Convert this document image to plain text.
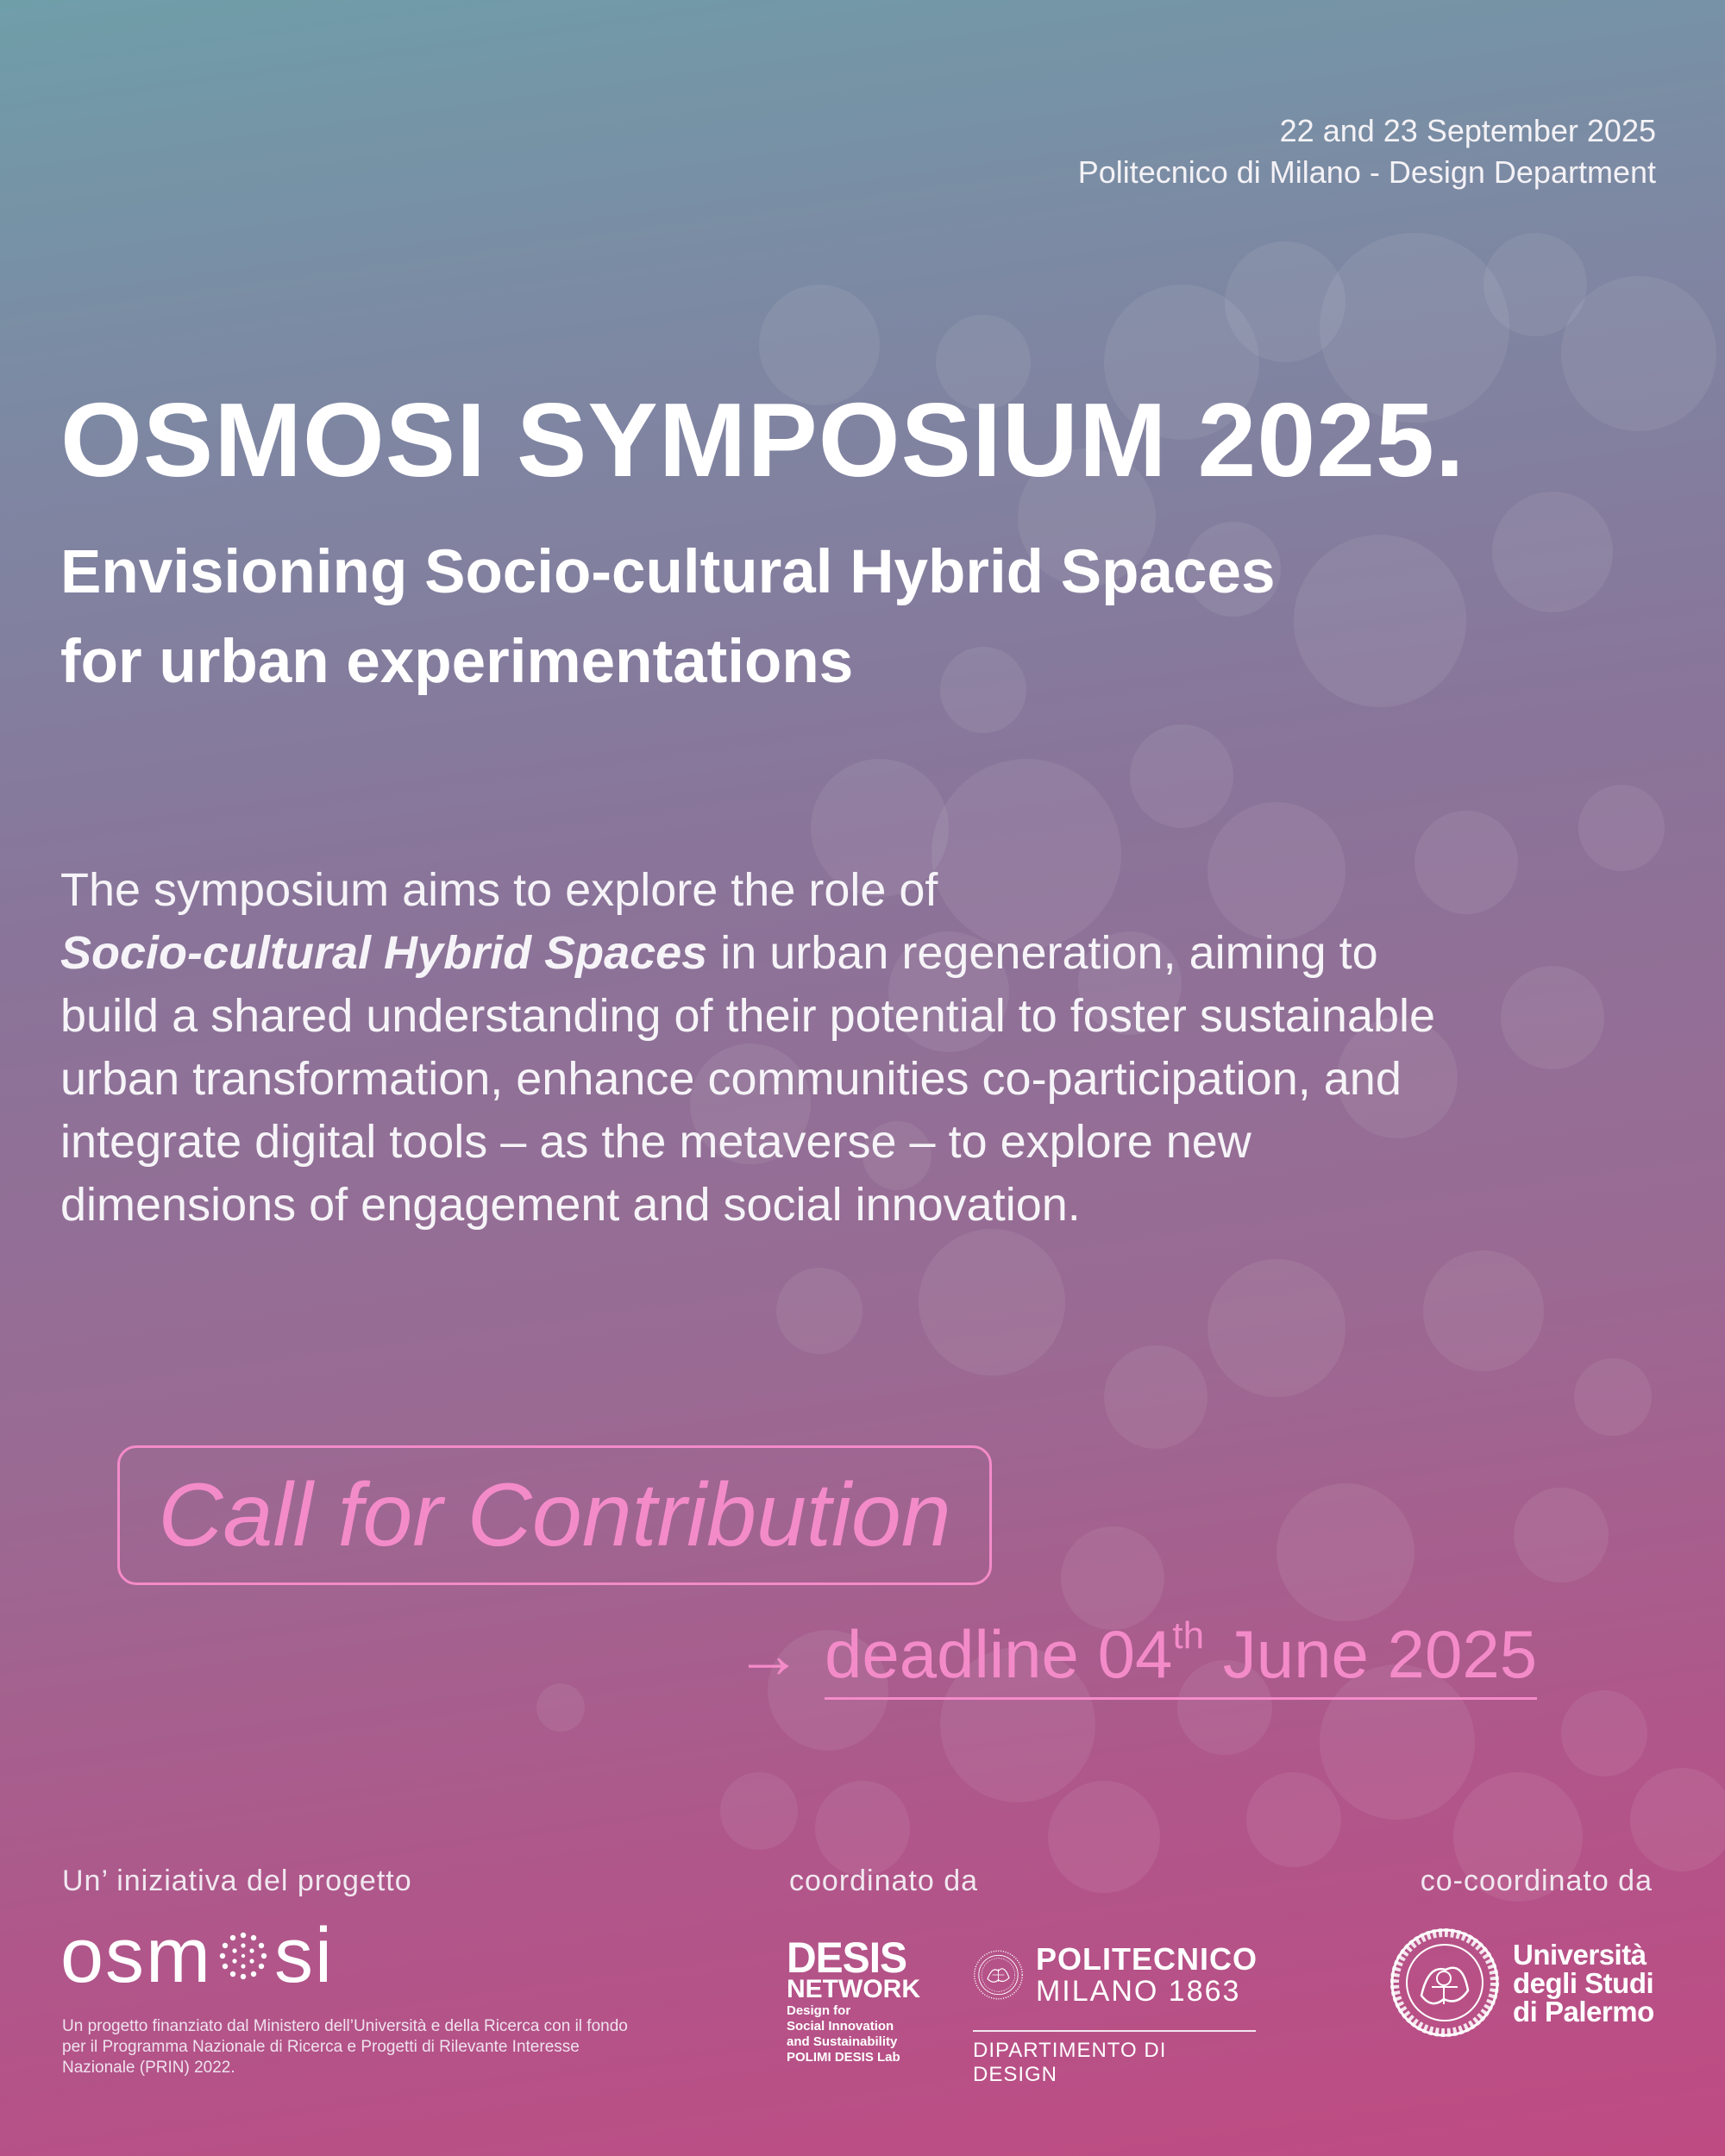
22 and 23 September 2025
Politecnico di Milano - Design Department
OSMOSI SYMPOSIUM 2025.
Envisioning Socio-cultural Hybrid Spaces
for urban experimentations

The symposium aims to explore the role of
Socio-cultural Hybrid Spaces in urban regeneration, aiming to build a shared understanding of their potential to foster sustainable urban transformation, enhance communities co-participation, and integrate digital tools – as the metaverse – to explore new dimensions of engagement and social innovation.

Call for Contribution
→ deadline 04th June 2025
Un’ iniziativa del progetto	coordinato da	co-coordinato da
osm si
Un progetto finanziato dal Ministero dell’Università e della Ricerca con il fondo per il Programma Nazionale di Ricerca e Progetti di Rilevante Interesse Nazionale (PRIN) 2022.
DESIS
NETWORK
Design for
Social Innovation
and Sustainability
POLIMI DESIS Lab
POLITECNICO
MILANO 1863
DIPARTIMENTO DI DESIGN
Università
degli Studi
di Palermo
